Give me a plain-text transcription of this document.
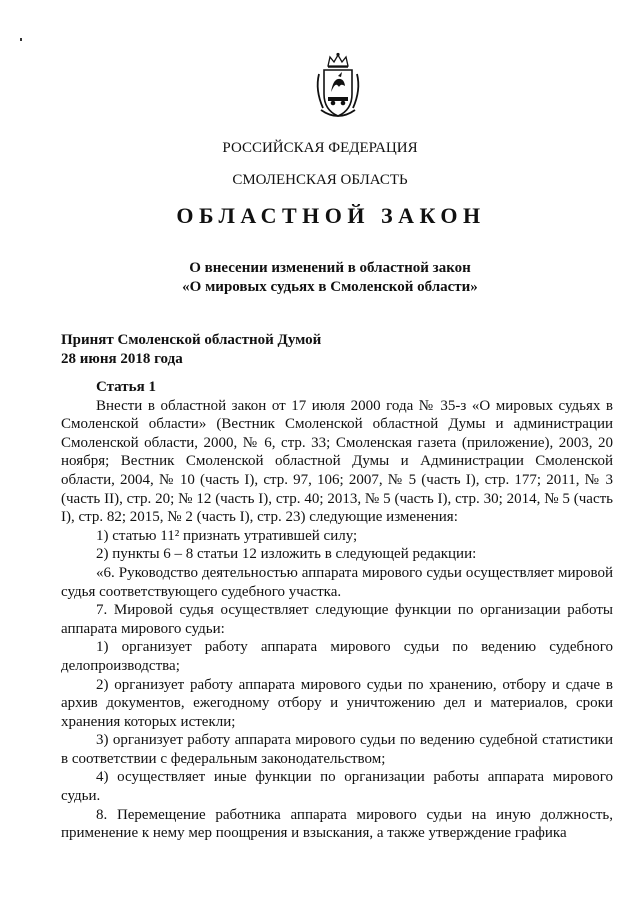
РОССИЙСКАЯ ФЕДЕРАЦИЯ
СМОЛЕНСКАЯ ОБЛАСТЬ
ОБЛАСТНОЙ ЗАКОН
О внесении изменений в областной закон
«О мировых судьях в Смоленской области»
Принят Смоленской областной Думой
28 июня 2018 года

Статья 1

Внести в областной закон от 17 июля 2000 года № 35-з «О мировых судьях в Смоленской области» (Вестник Смоленской областной Думы и администрации Смоленской области, 2000, № 6, стр. 33; Смоленская газета (приложение), 2003, 20 ноября; Вестник Смоленской областной Думы и Администрации Смоленской области, 2004, № 10 (часть I), стр. 97, 106; 2007, № 5 (часть I), стр. 177; 2011, № 3 (часть II), стр. 20; № 12 (часть I), стр. 40; 2013, № 5 (часть I), стр. 30; 2014, № 5 (часть I), стр. 82; 2015, № 2 (часть I), стр. 23) следующие изменения:

1) статью 11² признать утратившей силу;

2) пункты 6 – 8 статьи 12 изложить в следующей редакции:

«6. Руководство деятельностью аппарата мирового судьи осуществляет мировой судья соответствующего судебного участка.

7. Мировой судья осуществляет следующие функции по организации работы аппарата мирового судьи:

1) организует работу аппарата мирового судьи по ведению судебного делопроизводства;

2) организует работу аппарата мирового судьи по хранению, отбору и сдаче в архив документов, ежегодному отбору и уничтожению дел и материалов, сроки хранения которых истекли;

3) организует работу аппарата мирового судьи по ведению судебной статистики в соответствии с федеральным законодательством;

4) осуществляет иные функции по организации работы аппарата мирового судьи.

8. Перемещение работника аппарата мирового судьи на иную должность, применение к нему мер поощрения и взыскания, а также утверждение графика
